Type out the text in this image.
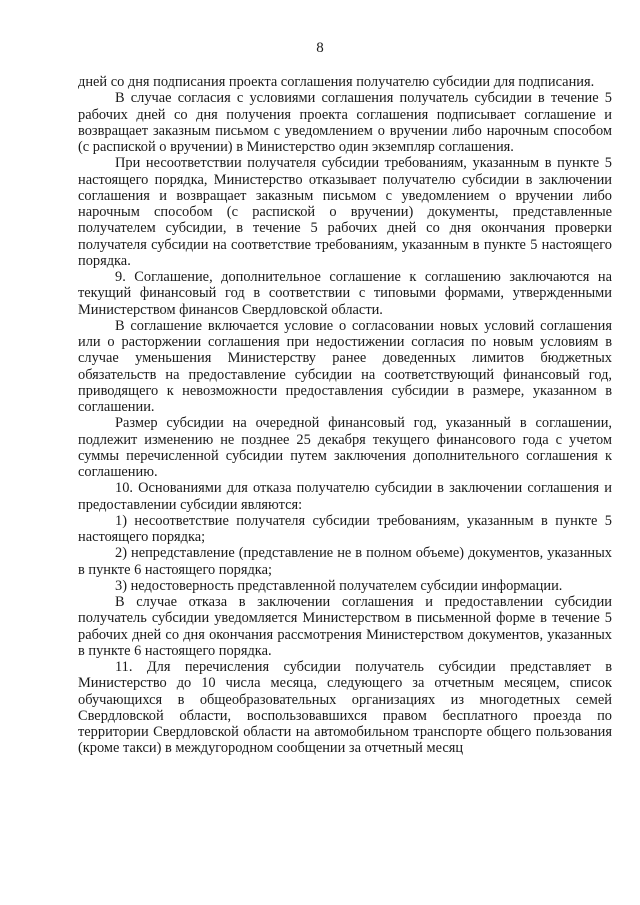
8

дней со дня подписания проекта соглашения получателю субсидии для подписания.

В случае согласия с условиями соглашения получатель субсидии в течение 5 рабочих дней со дня получения проекта соглашения подписывает соглашение и возвращает заказным письмом с уведомлением о вручении либо нарочным способом (с распиской о вручении) в Министерство один экземпляр соглашения.

При несоответствии получателя субсидии требованиям, указанным в пункте 5 настоящего порядка, Министерство отказывает получателю субсидии в заключении соглашения и возвращает заказным письмом с уведомлением о вручении либо нарочным способом (с распиской о вручении) документы, представленные получателем субсидии, в течение 5 рабочих дней со дня окончания проверки получателя субсидии на соответствие требованиям, указанным в пункте 5 настоящего порядка.

9. Соглашение, дополнительное соглашение к соглашению заключаются на текущий финансовый год в соответствии с типовыми формами, утвержденными Министерством финансов Свердловской области.

В соглашение включается условие о согласовании новых условий соглашения или о расторжении соглашения при недостижении согласия по новым условиям в случае уменьшения Министерству ранее доведенных лимитов бюджетных обязательств на предоставление субсидии на соответствующий финансовый год, приводящего к невозможности предоставления субсидии в размере, указанном в соглашении.

Размер субсидии на очередной финансовый год, указанный в соглашении, подлежит изменению не позднее 25 декабря текущего финансового года с учетом суммы перечисленной субсидии путем заключения дополнительного соглашения к соглашению.

10. Основаниями для отказа получателю субсидии в заключении соглашения и предоставлении субсидии являются:

1) несоответствие получателя субсидии требованиям, указанным в пункте 5 настоящего порядка;

2) непредставление (представление не в полном объеме) документов, указанных в пункте 6 настоящего порядка;

3) недостоверность представленной получателем субсидии информации.

В случае отказа в заключении соглашения и предоставлении субсидии получатель субсидии уведомляется Министерством в письменной форме в течение 5 рабочих дней со дня окончания рассмотрения Министерством документов, указанных в пункте 6 настоящего порядка.

11. Для перечисления субсидии получатель субсидии представляет в Министерство до 10 числа месяца, следующего за отчетным месяцем, список обучающихся в общеобразовательных организациях из многодетных семей Свердловской области, воспользовавшихся правом бесплатного проезда по территории Свердловской области на автомобильном транспорте общего пользования (кроме такси) в междугородном сообщении за отчетный месяц
